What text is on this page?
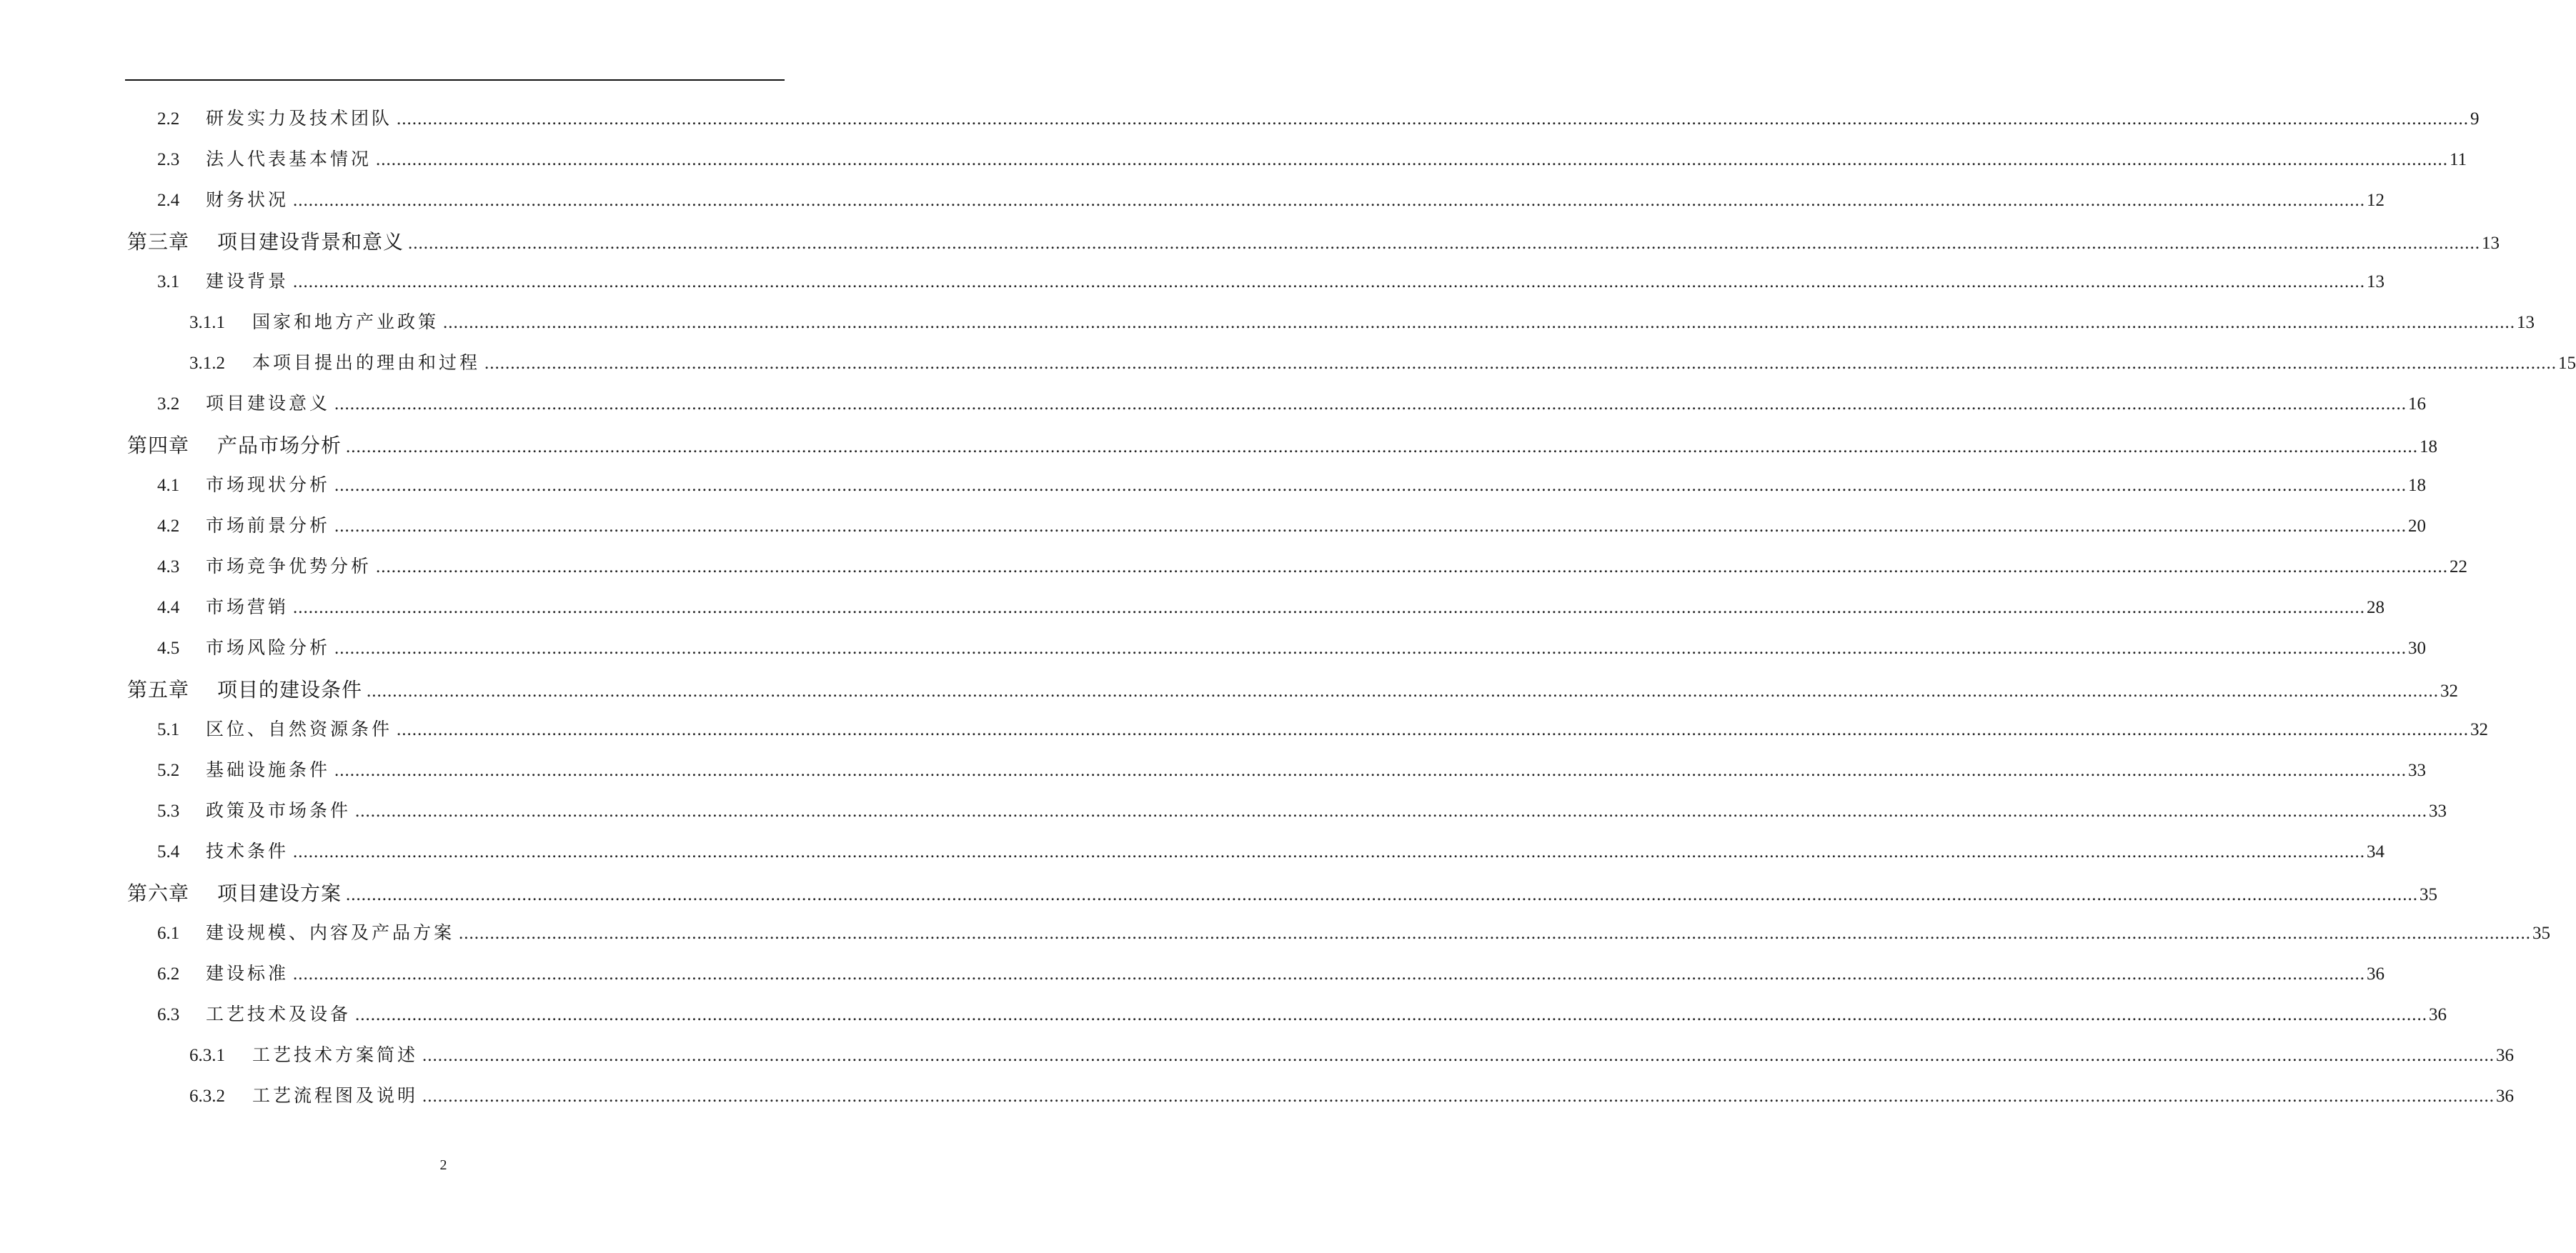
2.2	研发实力及技术团队 ................................................................................................................................................................................................................................................................................................................................................................................................................ 9
2.3	法人代表基本情况 ................................................................................................................................................................................................................................................................................................................................................................................................................ 11
2.4	财务状况 ................................................................................................................................................................................................................................................................................................................................................................................................................ 12
第三章	项目建设背景和意义 ................................................................................................................................................................................................................................................................................................................................................................................................................ 13
3.1	建设背景 ................................................................................................................................................................................................................................................................................................................................................................................................................ 13
3.1.1	国家和地方产业政策 ................................................................................................................................................................................................................................................................................................................................................................................................................ 13
3.1.2	本项目提出的理由和过程 ................................................................................................................................................................................................................................................................................................................................................................................................................ 15
3.2	项目建设意义 ................................................................................................................................................................................................................................................................................................................................................................................................................ 16
第四章	产品市场分析 ................................................................................................................................................................................................................................................................................................................................................................................................................ 18
4.1	市场现状分析 ................................................................................................................................................................................................................................................................................................................................................................................................................ 18
4.2	市场前景分析 ................................................................................................................................................................................................................................................................................................................................................................................................................ 20
4.3	市场竞争优势分析 ................................................................................................................................................................................................................................................................................................................................................................................................................ 22
4.4	市场营销 ................................................................................................................................................................................................................................................................................................................................................................................................................ 28
4.5	市场风险分析 ................................................................................................................................................................................................................................................................................................................................................................................................................ 30
第五章	项目的建设条件 ................................................................................................................................................................................................................................................................................................................................................................................................................ 32
5.1	区位、自然资源条件 ................................................................................................................................................................................................................................................................................................................................................................................................................ 32
5.2	基础设施条件 ................................................................................................................................................................................................................................................................................................................................................................................................................ 33
5.3	政策及市场条件 ................................................................................................................................................................................................................................................................................................................................................................................................................ 33
5.4	技术条件 ................................................................................................................................................................................................................................................................................................................................................................................................................ 34
第六章	项目建设方案 ................................................................................................................................................................................................................................................................................................................................................................................................................ 35
6.1	建设规模、内容及产品方案 ................................................................................................................................................................................................................................................................................................................................................................................................................ 35
6.2	建设标准 ................................................................................................................................................................................................................................................................................................................................................................................................................ 36
6.3	工艺技术及设备 ................................................................................................................................................................................................................................................................................................................................................................................................................ 36
6.3.1	工艺技术方案简述 ................................................................................................................................................................................................................................................................................................................................................................................................................ 36
6.3.2	工艺流程图及说明 ................................................................................................................................................................................................................................................................................................................................................................................................................ 36
2
